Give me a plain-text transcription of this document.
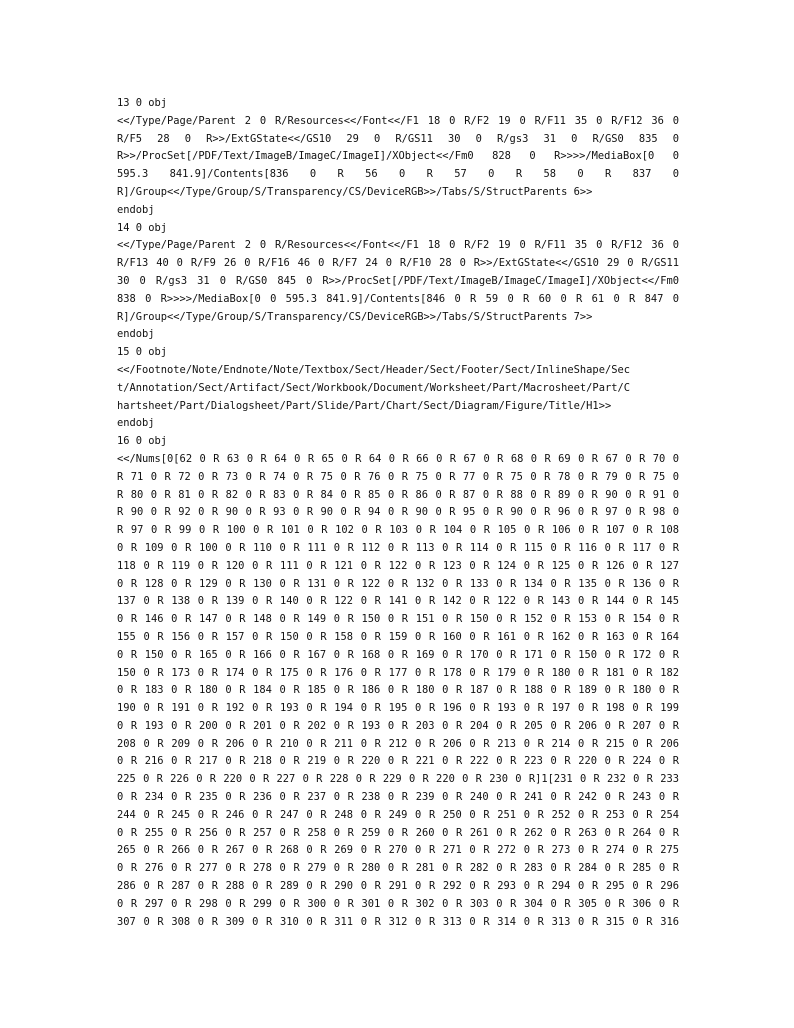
13 0 obj
<</Type/Page/Parent 2 0 R/Resources<</Font<</F1 18 0 R/F2 19 0 R/F11 35 0 R/F12 36 0
R/F5 28 0 R>>/ExtGState<</GS10 29 0 R/GS11 30 0 R/gs3 31 0 R/GS0 835 0
R>>/ProcSet[/PDF/Text/ImageB/ImageC/ImageI]/XObject<</Fm0 828 0 R>>>>/MediaBox[0 0
595.3 841.9]/Contents[836 0 R 56 0 R 57 0 R 58 0 R 837 0
R]/Group<</Type/Group/S/Transparency/CS/DeviceRGB>>/Tabs/S/StructParents 6>>
endobj
14 0 obj
<</Type/Page/Parent 2 0 R/Resources<</Font<</F1 18 0 R/F2 19 0 R/F11 35 0 R/F12 36 0
R/F13 40 0 R/F9 26 0 R/F16 46 0 R/F7 24 0 R/F10 28 0 R>>/ExtGState<</GS10 29 0 R/GS11
30 0 R/gs3 31 0 R/GS0 845 0 R>>/ProcSet[/PDF/Text/ImageB/ImageC/ImageI]/XObject<</Fm0
838 0 R>>>>/MediaBox[0 0 595.3 841.9]/Contents[846 0 R 59 0 R 60 0 R 61 0 R 847 0
R]/Group<</Type/Group/S/Transparency/CS/DeviceRGB>>/Tabs/S/StructParents 7>>
endobj
15 0 obj
<</Footnote/Note/Endnote/Note/Textbox/Sect/Header/Sect/Footer/Sect/InlineShape/Sec
t/Annotation/Sect/Artifact/Sect/Workbook/Document/Worksheet/Part/Macrosheet/Part/C
hartsheet/Part/Dialogsheet/Part/Slide/Part/Chart/Sect/Diagram/Figure/Title/H1>>
endobj
16 0 obj
<</Nums[0[62 0 R 63 0 R 64 0 R 65 0 R 64 0 R 66 0 R 67 0 R 68 0 R 69 0 R 67 0 R 70 0
R 71 0 R 72 0 R 73 0 R 74 0 R 75 0 R 76 0 R 75 0 R 77 0 R 75 0 R 78 0 R 79 0 R 75 0
R 80 0 R 81 0 R 82 0 R 83 0 R 84 0 R 85 0 R 86 0 R 87 0 R 88 0 R 89 0 R 90 0 R 91 0
R 90 0 R 92 0 R 90 0 R 93 0 R 90 0 R 94 0 R 90 0 R 95 0 R 90 0 R 96 0 R 97 0 R 98 0
R 97 0 R 99 0 R 100 0 R 101 0 R 102 0 R 103 0 R 104 0 R 105 0 R 106 0 R 107 0 R 108
0 R 109 0 R 100 0 R 110 0 R 111 0 R 112 0 R 113 0 R 114 0 R 115 0 R 116 0 R 117 0 R
118 0 R 119 0 R 120 0 R 111 0 R 121 0 R 122 0 R 123 0 R 124 0 R 125 0 R 126 0 R 127
0 R 128 0 R 129 0 R 130 0 R 131 0 R 122 0 R 132 0 R 133 0 R 134 0 R 135 0 R 136 0 R
137 0 R 138 0 R 139 0 R 140 0 R 122 0 R 141 0 R 142 0 R 122 0 R 143 0 R 144 0 R 145
0 R 146 0 R 147 0 R 148 0 R 149 0 R 150 0 R 151 0 R 150 0 R 152 0 R 153 0 R 154 0 R
155 0 R 156 0 R 157 0 R 150 0 R 158 0 R 159 0 R 160 0 R 161 0 R 162 0 R 163 0 R 164
0 R 150 0 R 165 0 R 166 0 R 167 0 R 168 0 R 169 0 R 170 0 R 171 0 R 150 0 R 172 0 R
150 0 R 173 0 R 174 0 R 175 0 R 176 0 R 177 0 R 178 0 R 179 0 R 180 0 R 181 0 R 182
0 R 183 0 R 180 0 R 184 0 R 185 0 R 186 0 R 180 0 R 187 0 R 188 0 R 189 0 R 180 0 R
190 0 R 191 0 R 192 0 R 193 0 R 194 0 R 195 0 R 196 0 R 193 0 R 197 0 R 198 0 R 199
0 R 193 0 R 200 0 R 201 0 R 202 0 R 193 0 R 203 0 R 204 0 R 205 0 R 206 0 R 207 0 R
208 0 R 209 0 R 206 0 R 210 0 R 211 0 R 212 0 R 206 0 R 213 0 R 214 0 R 215 0 R 206
0 R 216 0 R 217 0 R 218 0 R 219 0 R 220 0 R 221 0 R 222 0 R 223 0 R 220 0 R 224 0 R
225 0 R 226 0 R 220 0 R 227 0 R 228 0 R 229 0 R 220 0 R 230 0 R]1[231 0 R 232 0 R 233
0 R 234 0 R 235 0 R 236 0 R 237 0 R 238 0 R 239 0 R 240 0 R 241 0 R 242 0 R 243 0 R
244 0 R 245 0 R 246 0 R 247 0 R 248 0 R 249 0 R 250 0 R 251 0 R 252 0 R 253 0 R 254
0 R 255 0 R 256 0 R 257 0 R 258 0 R 259 0 R 260 0 R 261 0 R 262 0 R 263 0 R 264 0 R
265 0 R 266 0 R 267 0 R 268 0 R 269 0 R 270 0 R 271 0 R 272 0 R 273 0 R 274 0 R 275
0 R 276 0 R 277 0 R 278 0 R 279 0 R 280 0 R 281 0 R 282 0 R 283 0 R 284 0 R 285 0 R
286 0 R 287 0 R 288 0 R 289 0 R 290 0 R 291 0 R 292 0 R 293 0 R 294 0 R 295 0 R 296
0 R 297 0 R 298 0 R 299 0 R 300 0 R 301 0 R 302 0 R 303 0 R 304 0 R 305 0 R 306 0 R
307 0 R 308 0 R 309 0 R 310 0 R 311 0 R 312 0 R 313 0 R 314 0 R 313 0 R 315 0 R 316
